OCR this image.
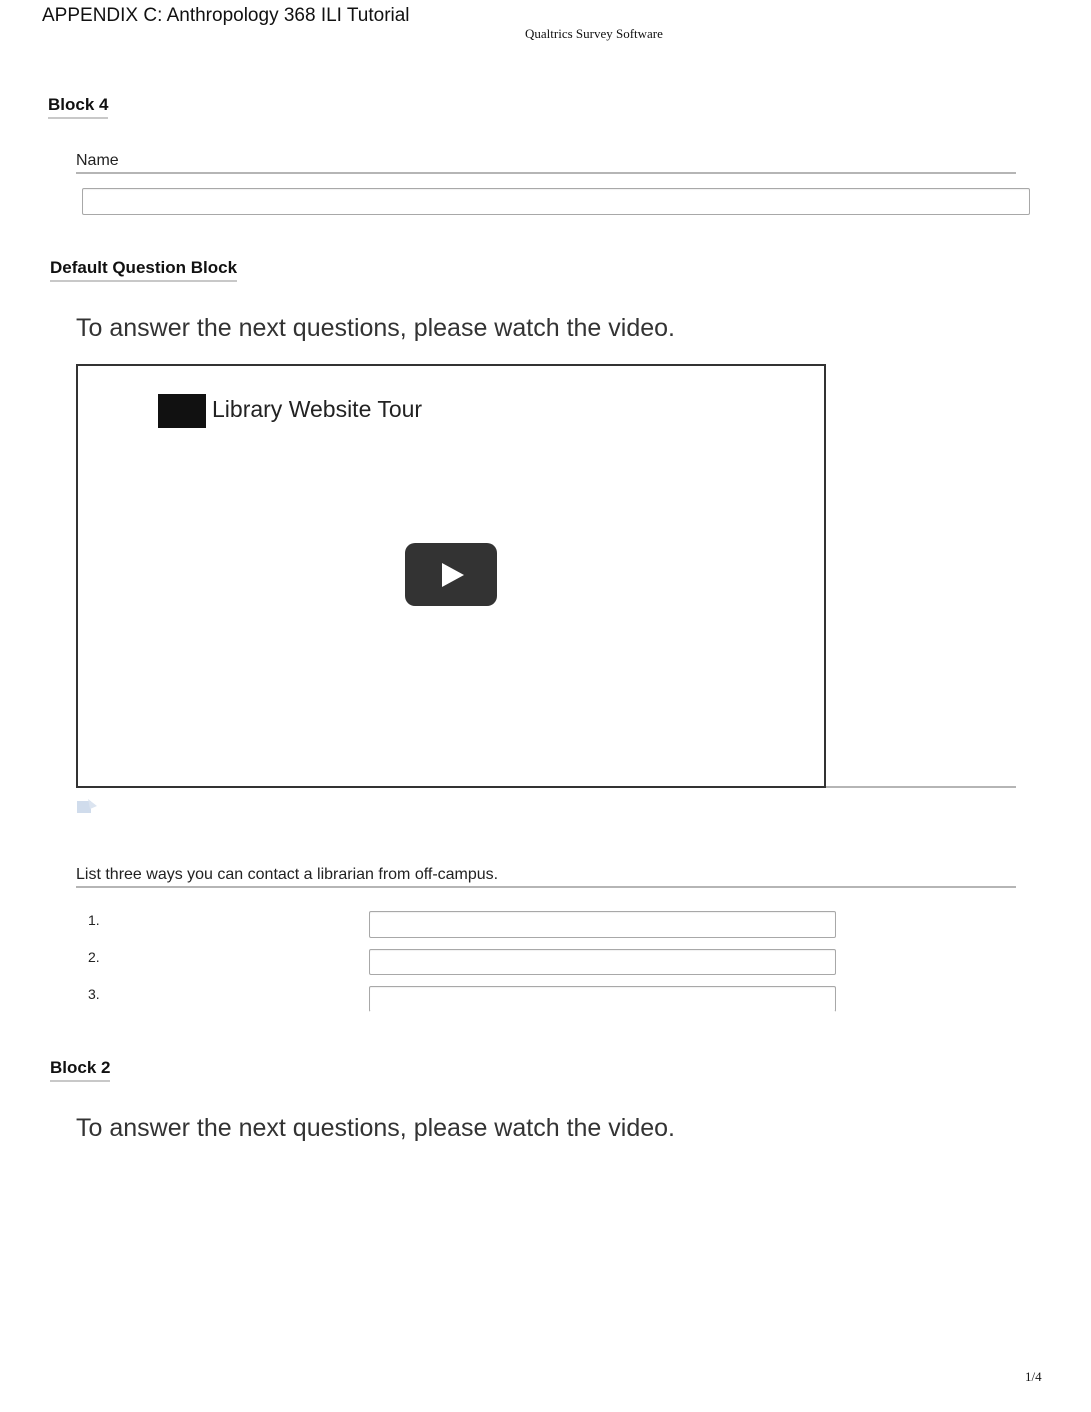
APPENDIX C: Anthropology 368 ILI Tutorial
Qualtrics Survey Software
Block 4
Name
Default Question Block
To answer the next questions, please watch the video.
Library Website Tour
List three ways you can contact a librarian from off-campus.
1.
2.
3.
Block 2
To answer the next questions, please watch the video.
1/4
